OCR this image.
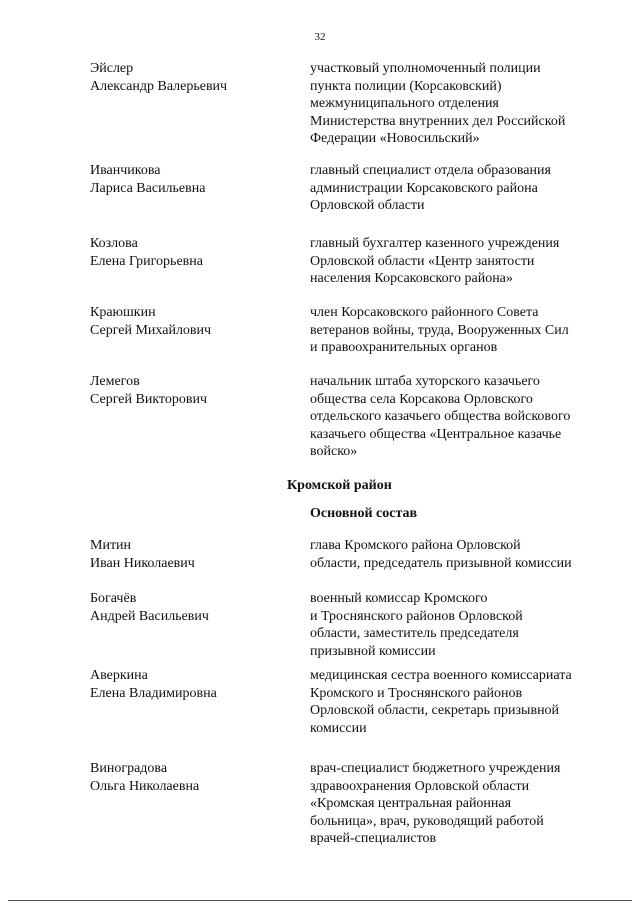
32
Эйслер
Александр Валерьевич
участковый уполномоченный полиции
пункта полиции (Корсаковский)
межмуниципального отделения
Министерства внутренних дел Российской
Федерации «Новосильский»
Иванчикова
Лариса Васильевна
главный специалист отдела образования
администрации Корсаковского района
Орловской области
Козлова
Елена Григорьевна
главный бухгалтер казенного учреждения
Орловской области «Центр занятости
населения Корсаковского района»
Краюшкин
Сергей Михайлович
член Корсаковского районного Совета
ветеранов войны, труда, Вооруженных Сил
и правоохранительных органов
Лемегов
Сергей Викторович
начальник штаба хуторского казачьего
общества села Корсакова Орловского
отдельского казачьего общества войскового
казачьего общества «Центральное казачье
войско»
Кромской район
Основной состав
Митин
Иван Николаевич
глава Кромского района Орловской
области, председатель призывной комиссии
Богачёв
Андрей Васильевич
военный комиссар Кромского
и Троснянского районов Орловской
области, заместитель председателя
призывной комиссии
Аверкина
Елена Владимировна
медицинская сестра военного комиссариата
Кромского и Троснянского районов
Орловской области, секретарь призывной
комиссии
Виноградова
Ольга Николаевна
врач-специалист бюджетного учреждения
здравоохранения Орловской области
«Кромская центральная районная
больница», врач, руководящий работой
врачей-специалистов
